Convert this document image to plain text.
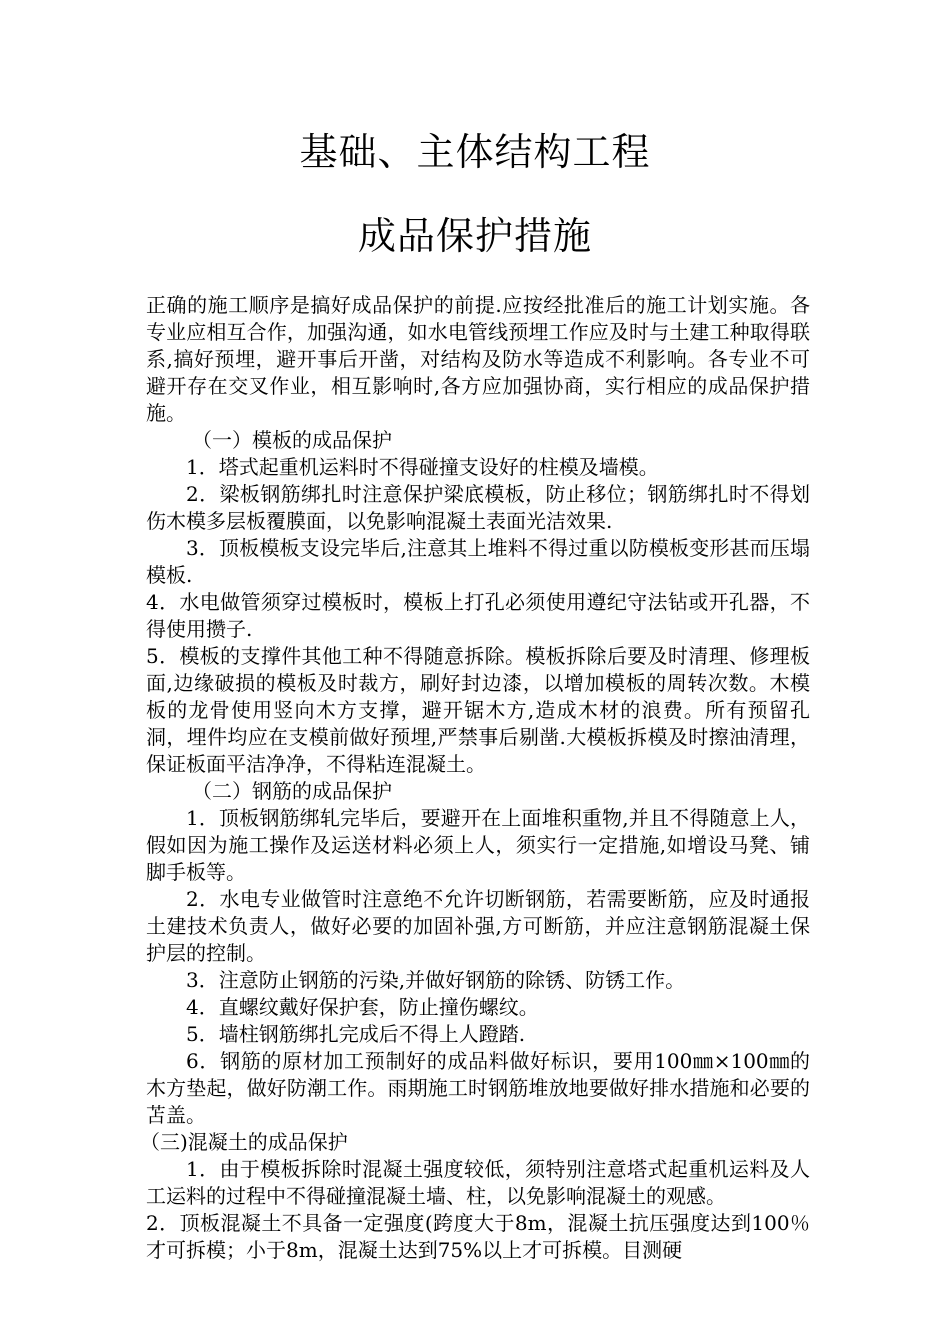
基础、主体结构工程
成品保护措施

正确的施工顺序是搞好成品保护的前提.应按经批准后的施工计划实施。各专业应相互合作，加强沟通，如水电管线预埋工作应及时与土建工种取得联系,搞好预埋，避开事后开凿，对结构及防水等造成不利影响。各专业不可避开存在交叉作业，相互影响时,各方应加强协商，实行相应的成品保护措施。

（一）模板的成品保护

1．塔式起重机运料时不得碰撞支设好的柱模及墙模。

2．梁板钢筋绑扎时注意保护梁底模板，防止移位；钢筋绑扎时不得划伤木模多层板覆膜面，以免影响混凝土表面光洁效果.

3．顶板模板支设完毕后,注意其上堆料不得过重以防模板变形甚而压塌模板.

4．水电做管须穿过模板时，模板上打孔必须使用遵纪守法钻或开孔器，不得使用攒子.

5．模板的支撑件其他工种不得随意拆除。模板拆除后要及时清理、修理板面,边缘破损的模板及时裁方，刷好封边漆，以增加模板的周转次数。木模板的龙骨使用竖向木方支撑，避开锯木方,造成木材的浪费。所有预留孔洞，埋件均应在支模前做好预埋,严禁事后剔凿.大模板拆模及时擦油清理，保证板面平洁净净，不得粘连混凝土。

（二）钢筋的成品保护

1．顶板钢筋绑轧完毕后，要避开在上面堆积重物,并且不得随意上人，假如因为施工操作及运送材料必须上人，须实行一定措施,如增设马凳、铺脚手板等。

2．水电专业做管时注意绝不允许切断钢筋，若需要断筋，应及时通报土建技术负责人，做好必要的加固补强,方可断筋，并应注意钢筋混凝土保护层的控制。

3．注意防止钢筋的污染,并做好钢筋的除锈、防锈工作。

4．直螺纹戴好保护套，防止撞伤螺纹。

5．墙柱钢筋绑扎完成后不得上人蹬踏.

6．钢筋的原材加工预制好的成品料做好标识，要用100㎜×100㎜的木方垫起，做好防潮工作。雨期施工时钢筋堆放地要做好排水措施和必要的苫盖。

（三)混凝土的成品保护

1．由于模板拆除时混凝土强度较低，须特别注意塔式起重机运料及人工运料的过程中不得碰撞混凝土墙、柱，以免影响混凝土的观感。

2．顶板混凝土不具备一定强度(跨度大于8m，混凝土抗压强度达到100％才可拆模；小于8m，混凝土达到75%以上才可拆模。目测硬
